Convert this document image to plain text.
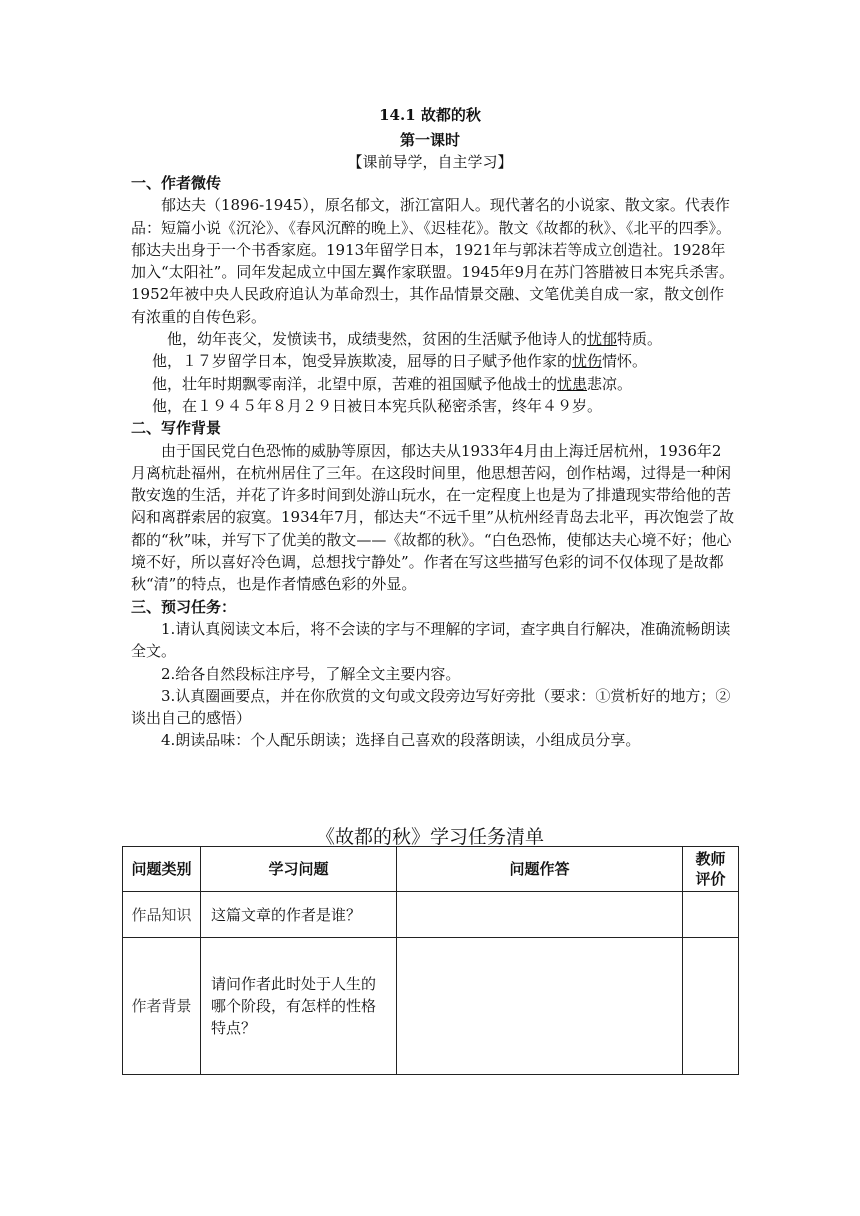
14.1 故都的秋
第一课时
【课前导学，自主学习】

一、作者微传

郁达夫（1896-1945），原名郁文，浙江富阳人。现代著名的小说家、散文家。代表作品：短篇小说《沉沦》、《春风沉醉的晚上》、《迟桂花》。散文《故都的秋》、《北平的四季》。　　郁达夫出身于一个书香家庭。1913年留学日本，1921年与郭沫若等成立创造社。1928年加入“太阳社”。同年发起成立中国左翼作家联盟。1945年9月在苏门答腊被日本宪兵杀害。1952年被中央人民政府追认为革命烈士，其作品情景交融、文笔优美自成一家，散文创作有浓重的自传色彩。

他，幼年丧父，发愤读书，成绩斐然，贫困的生活赋予他诗人的忧郁特质。

他，１７岁留学日本，饱受异族欺凌，屈辱的日子赋予他作家的忧伤情怀。

他，壮年时期飘零南洋，北望中原，苦难的祖国赋予他战士的忧患悲凉。

他，在１９４５年８月２９日被日本宪兵队秘密杀害，终年４９岁。

二、写作背景

由于国民党白色恐怖的威胁等原因，郁达夫从1933年4月由上海迁居杭州，1936年2月离杭赴福州，在杭州居住了三年。在这段时间里，他思想苦闷，创作枯竭，过得是一种闲散安逸的生活，并花了许多时间到处游山玩水，在一定程度上也是为了排遣现实带给他的苦闷和离群索居的寂寞。1934年7月，郁达夫“不远千里”从杭州经青岛去北平，再次饱尝了故都的“秋”味，并写下了优美的散文——《故都的秋》。“白色恐怖，使郁达夫心境不好；他心境不好，所以喜好冷色调，总想找宁静处”。作者在写这些描写色彩的词不仅体现了是故都秋“清”的特点，也是作者情感色彩的外显。

三、预习任务：

1.请认真阅读文本后，将不会读的字与不理解的字词，查字典自行解决，准确流畅朗读全文。

2.给各自然段标注序号，了解全文主要内容。

3.认真圈画要点，并在你欣赏的文句或文段旁边写好旁批（要求：①赏析好的地方；②谈出自己的感悟）

4.朗读品味：个人配乐朗读；选择自己喜欢的段落朗读，小组成员分享。

《故都的秋》学习任务清单
问题类别	学习问题	问题作答	教师评价
作品知识	这篇文章的作者是谁？		
作者背景	请问作者此时处于人生的哪个阶段，有怎样的性格特点？		
